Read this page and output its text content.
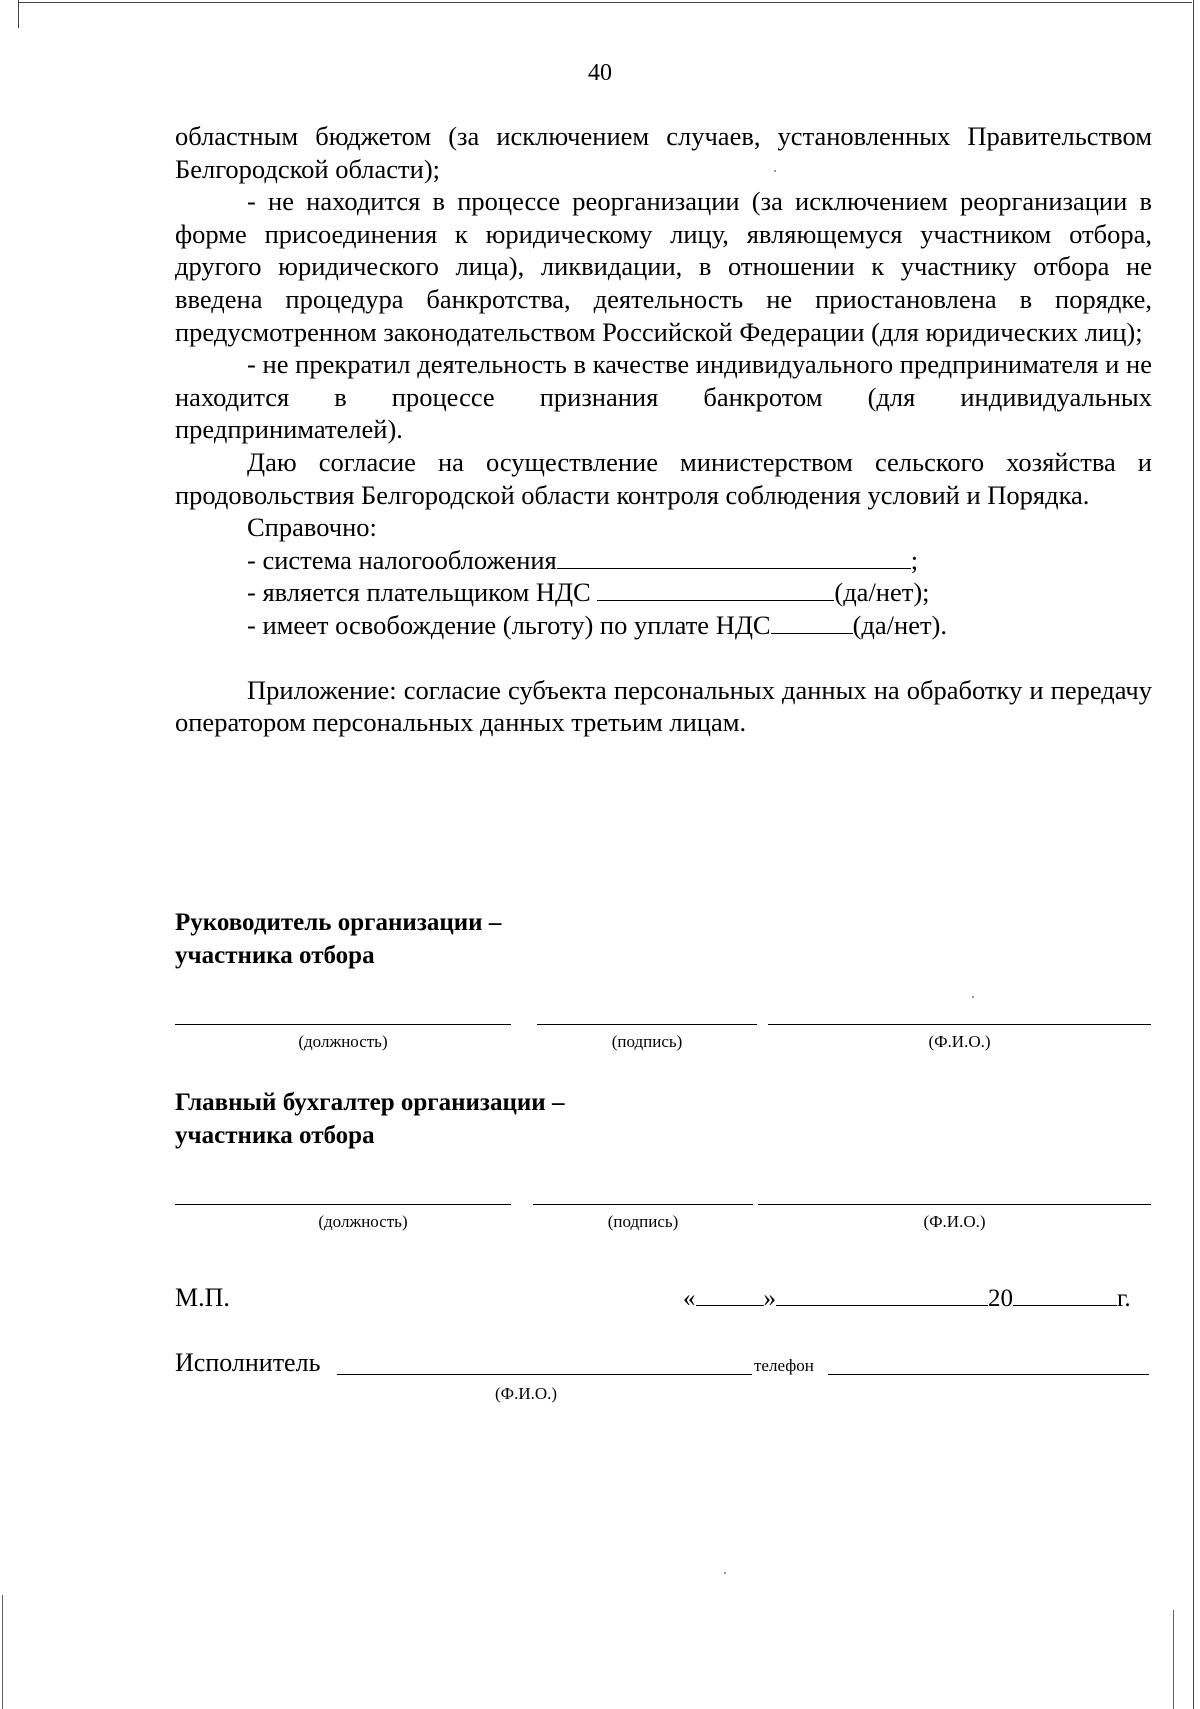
40

областным бюджетом (за исключением случаев, установленных Правительством Белгородской области);

- не находится в процессе реорганизации (за исключением реорганизации в форме присоединения к юридическому лицу, являющемуся участником отбора, другого юридического лица), ликвидации, в отношении к участнику отбора не введена процедура банкротства, деятельность не приостановлена в порядке, предусмотренном законодательством Российской Федерации (для юридических лиц);

- не прекратил деятельность в качестве индивидуального предпринимателя и не находится в процессе признания банкротом (для индивидуальных предпринимателей).

Даю согласие на осуществление министерством сельского хозяйства и продовольствия Белгородской области контроля соблюдения условий и Порядка.

Справочно:

- система налогообложения	;

- является плательщиком НДС	(да/нет);

- имеет освобождение (льготу) по уплате НДС	(да/нет).

Приложение: согласие субъекта персональных данных на обработку и передачу оператором персональных данных третьим лицам.

Руководитель организации –
участника отбора
(должность)	(подпись)	(Ф.И.О.)
Главный бухгалтер организации –
участника отбора
(должность)	(подпись)	(Ф.И.О.)
М.П.	«	»	20	г.
Исполнитель	телефон
(Ф.И.О.)
